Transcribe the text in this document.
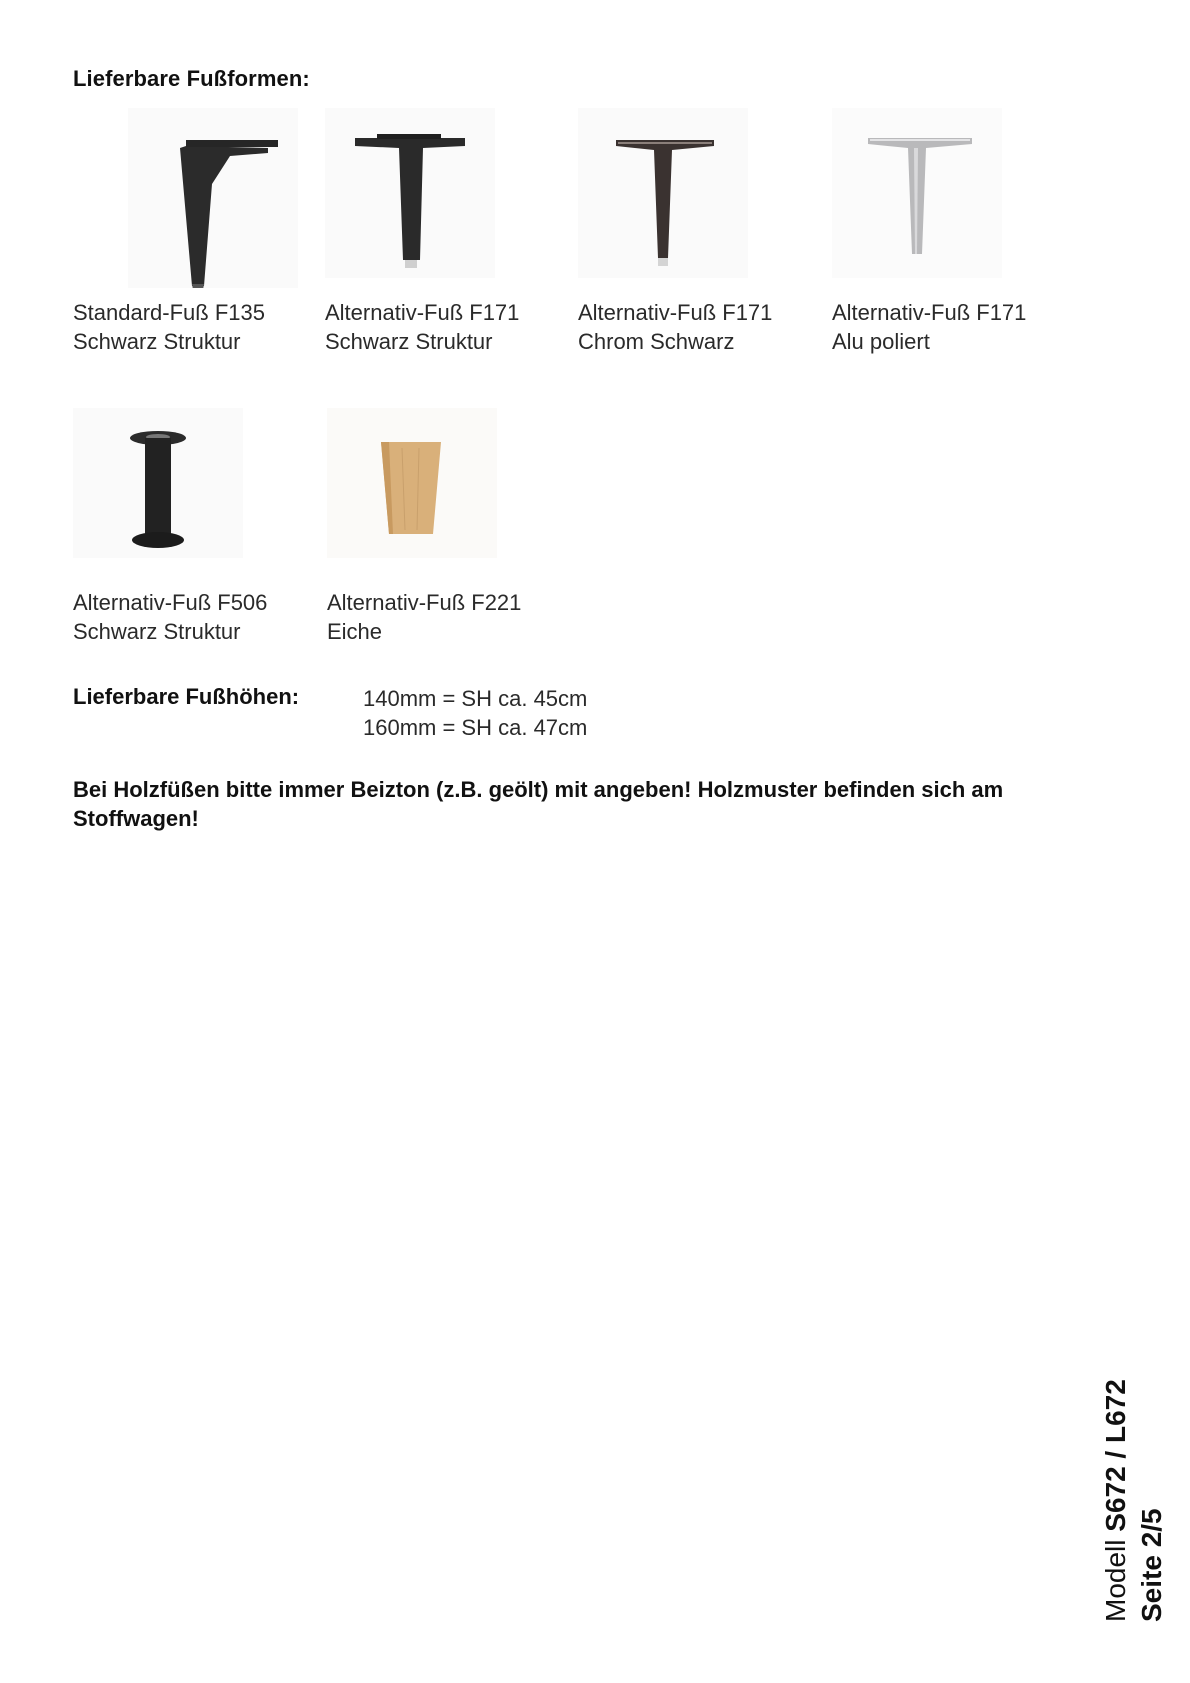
Lieferbare Fußformen:
Standard-Fuß F135
Schwarz Struktur
Alternativ-Fuß F171
Schwarz Struktur
Alternativ-Fuß F171
Chrom Schwarz
Alternativ-Fuß F171
Alu poliert
Alternativ-Fuß F506
Schwarz Struktur
Alternativ-Fuß F221
Eiche
Lieferbare Fußhöhen:	140mm = SH ca. 45cm
160mm = SH ca. 47cm
Bei Holzfüßen bitte immer Beizton (z.B. geölt) mit angeben! Holzmuster befinden sich am Stoffwagen!
Modell S672 / L672
Seite 2/5
